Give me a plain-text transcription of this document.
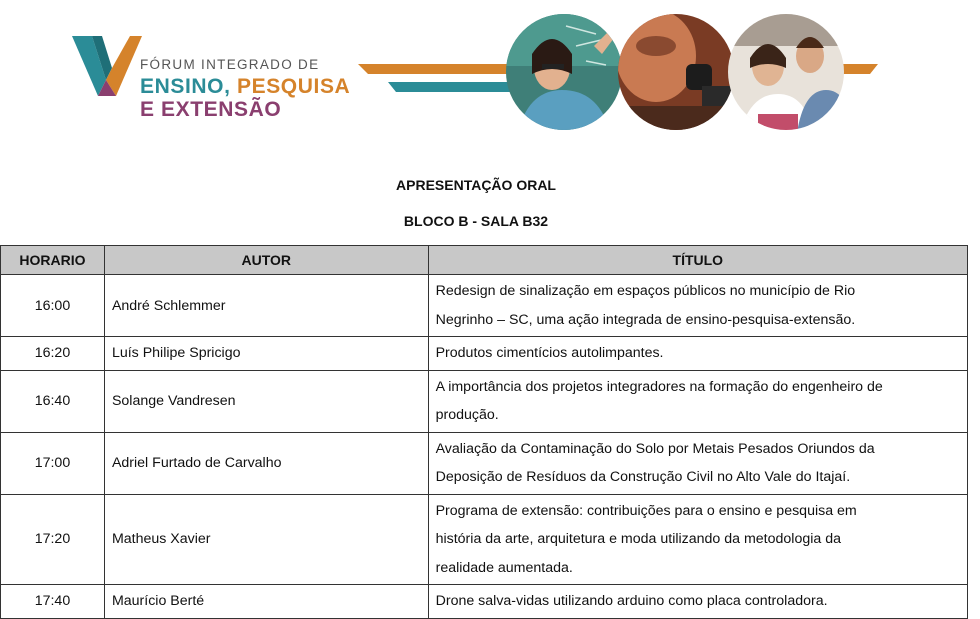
FÓRUM INTEGRADO DE
ENSINO, PESQUISA
E EXTENSÃO
APRESENTAÇÃO ORAL
BLOCO B - SALA B32
HORARIO	AUTOR	TÍTULO
16:00	André Schlemmer	Redesign de sinalização em espaços públicos no município de Rio
Negrinho – SC, uma ação integrada de ensino-pesquisa-extensão.
16:20	Luís Philipe Spricigo	Produtos cimentícios autolimpantes.
16:40	Solange Vandresen	A importância dos projetos integradores na formação do engenheiro de
produção.
17:00	Adriel Furtado de Carvalho	Avaliação da Contaminação do Solo por Metais Pesados Oriundos da
Deposição de Resíduos da Construção Civil no Alto Vale do Itajaí.
17:20	Matheus Xavier	Programa de extensão: contribuições para o ensino e pesquisa em
história da arte, arquitetura e moda utilizando da metodologia da
realidade aumentada.
17:40	Maurício Berté	Drone salva-vidas utilizando arduino como placa controladora.
